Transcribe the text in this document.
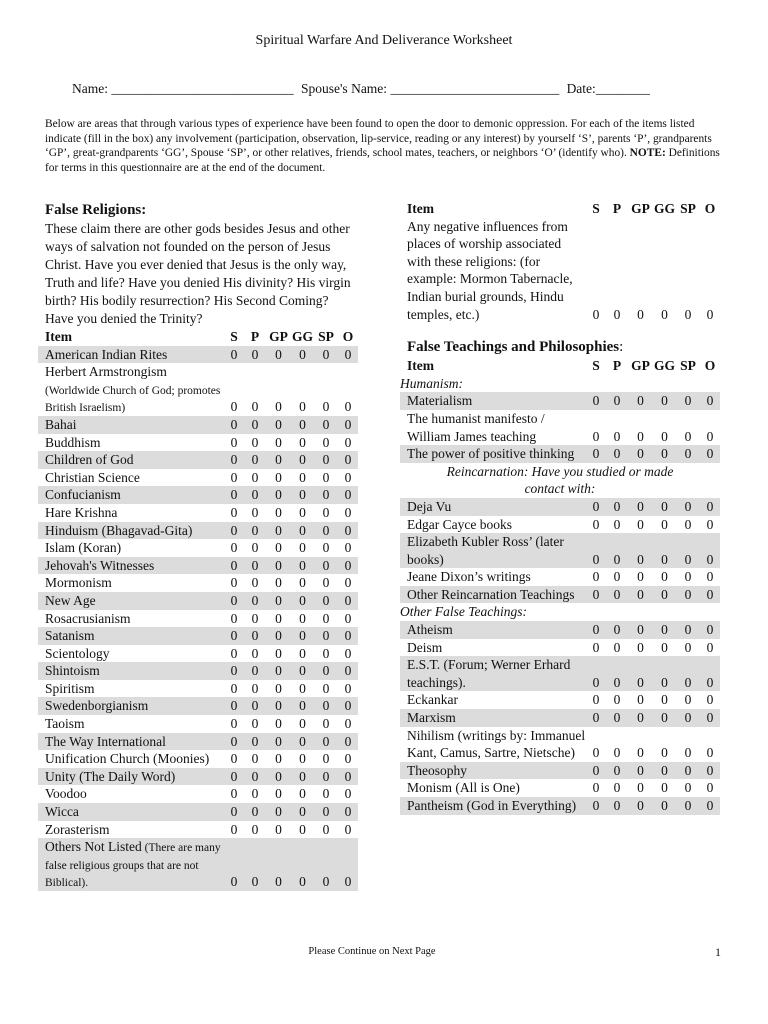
Spiritual Warfare And Deliverance Worksheet
Name: ___________________________ Spouse's Name: _________________________ Date: ________
Below are areas that through various types of experience have been found to open the door to demonic oppression. For each of the items listed indicate (fill in the box) any involvement (participation, observation, lip-service, reading or any interest) by yourself ‘S’, parents ‘P’, grandparents ‘GP’, great-grandparents ‘GG’, Spouse ‘SP’, or other relatives, friends, school mates, teachers, or neighbors ‘O’ (identify who). NOTE: Definitions for terms in this questionnaire are at the end of the document.
False Religions:
These claim there are other gods besides Jesus and other ways of salvation not founded on the person of Jesus Christ. Have you ever denied that Jesus is the only way, Truth and life? Have you denied His divinity? His virgin birth? His bodily resurrection? His Second Coming? Have you denied the Trinity?
Item	S	P	GP	GG	SP	O
American Indian Rites	0	0	0	0	0	0
Herbert Armstrongism (Worldwide Church of God; promotes British Israelism)	0	0	0	0	0	0
Bahai	0	0	0	0	0	0
Buddhism	0	0	0	0	0	0
Children of God	0	0	0	0	0	0
Christian Science	0	0	0	0	0	0
Confucianism	0	0	0	0	0	0
Hare Krishna	0	0	0	0	0	0
Hinduism (Bhagavad-Gita)	0	0	0	0	0	0
Islam (Koran)	0	0	0	0	0	0
Jehovah's Witnesses	0	0	0	0	0	0
Mormonism	0	0	0	0	0	0
New Age	0	0	0	0	0	0
Rosacrusianism	0	0	0	0	0	0
Satanism	0	0	0	0	0	0
Scientology	0	0	0	0	0	0
Shintoism	0	0	0	0	0	0
Spiritism	0	0	0	0	0	0
Swedenborgianism	0	0	0	0	0	0
Taoism	0	0	0	0	0	0
The Way International	0	0	0	0	0	0
Unification Church (Moonies)	0	0	0	0	0	0
Unity (The Daily Word)	0	0	0	0	0	0
Voodoo	0	0	0	0	0	0
Wicca	0	0	0	0	0	0
Zorasterism	0	0	0	0	0	0
Others Not Listed (There are many false religious groups that are not Biblical).	0	0	0	0	0	0
Item	S	P	GP	GG	SP	O
Any negative influences from places of worship associated with these religions: (for example: Mormon Tabernacle, Indian burial grounds, Hindu temples, etc.)	0	0	0	0	0	0
False Teachings and Philosophies:
Item	S	P	GP	GG	SP	O
Humanism:						
Materialism	0	0	0	0	0	0
The humanist manifesto / William James teaching	0	0	0	0	0	0
The power of positive thinking	0	0	0	0	0	0
Reincarnation: Have you studied or made contact with:						
Deja Vu	0	0	0	0	0	0
Edgar Cayce books	0	0	0	0	0	0
Elizabeth Kubler Ross’ (later books)	0	0	0	0	0	0
Jeane Dixon’s writings	0	0	0	0	0	0
Other Reincarnation Teachings	0	0	0	0	0	0
Other False Teachings:						
Atheism	0	0	0	0	0	0
Deism	0	0	0	0	0	0
E.S.T. (Forum; Werner Erhard teachings).	0	0	0	0	0	0
Eckankar	0	0	0	0	0	0
Marxism	0	0	0	0	0	0
Nihilism (writings by: Immanuel Kant, Camus, Sartre, Nietsche)	0	0	0	0	0	0
Theosophy	0	0	0	0	0	0
Monism (All is One)	0	0	0	0	0	0
Pantheism (God in Everything)	0	0	0	0	0	0
Please Continue on Next Page	1
